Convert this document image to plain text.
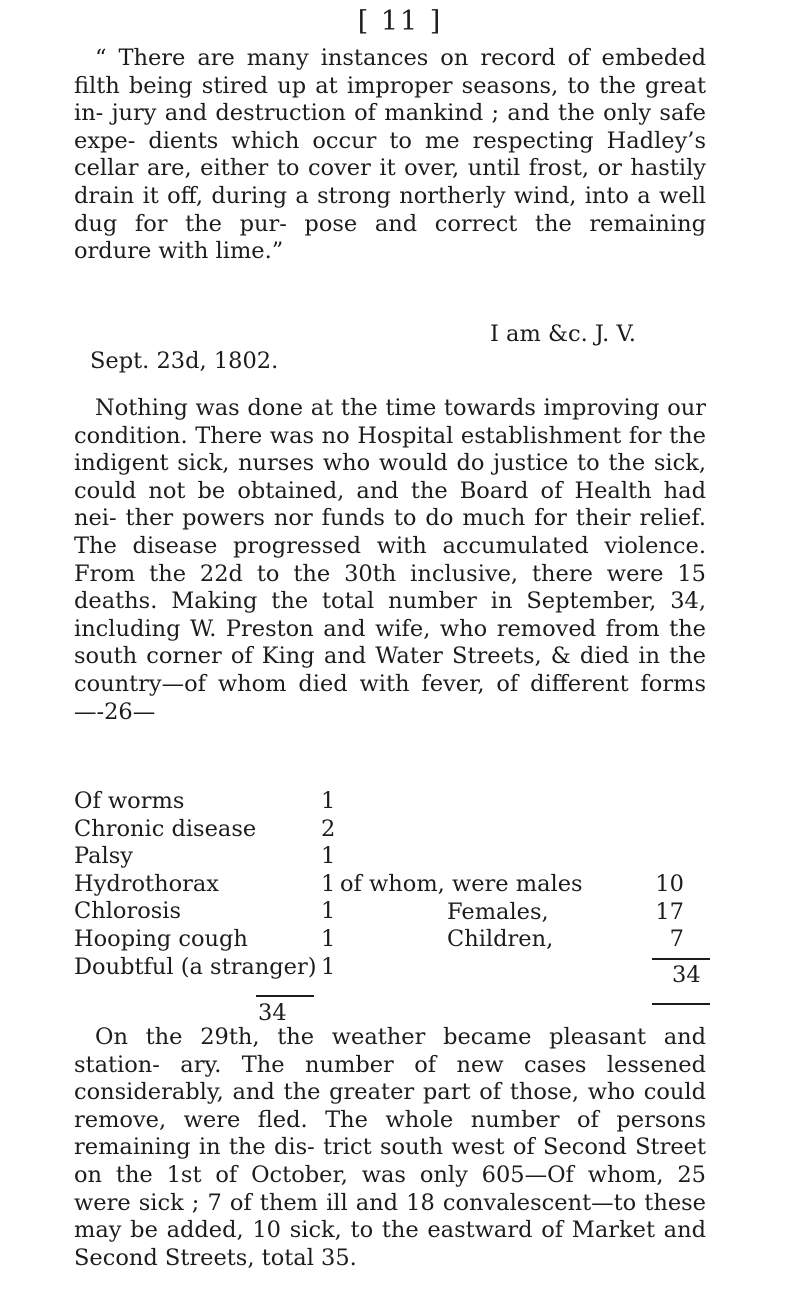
[ 11 ]
“ There are many instances on record of embeded filth being stired up at improper seasons, to the great in- jury and destruction of mankind ; and the only safe expe- dients which occur to me respecting Hadley’s cellar are, either to cover it over, until frost, or hastily drain it off, during a strong northerly wind, into a well dug for the pur- pose and correct the remaining ordure with lime.”
I am &c. J. V.
Sept. 23d, 1802.
Nothing was done at the time towards improving our condition. There was no Hospital establishment for the indigent sick, nurses who would do justice to the sick, could not be obtained, and the Board of Health had nei- ther powers nor funds to do much for their relief. The disease progressed with accumulated violence. From the 22d to the 30th inclusive, there were 15 deaths. Making the total number in September, 34, including W. Preston and wife, who removed from the south corner of King and Water Streets, & died in the country—of whom died with fever, of different forms—-26—
Of worms	1
Chronic disease	2
Palsy	1
Hydrothorax	1
Chlorosis	1
Hooping cough	1
Doubtful (a stranger) 1
34
of whom, were males	10
Females,	17
Children,	7
34
On the 29th, the weather became pleasant and station- ary. The number of new cases lessened considerably, and the greater part of those, who could remove, were fled. The whole number of persons remaining in the dis- trict south west of Second Street on the 1st of October, was only 605—Of whom, 25 were sick ; 7 of them ill and 18 convalescent—to these may be added, 10 sick, to the eastward of Market and Second Streets, total 35.
